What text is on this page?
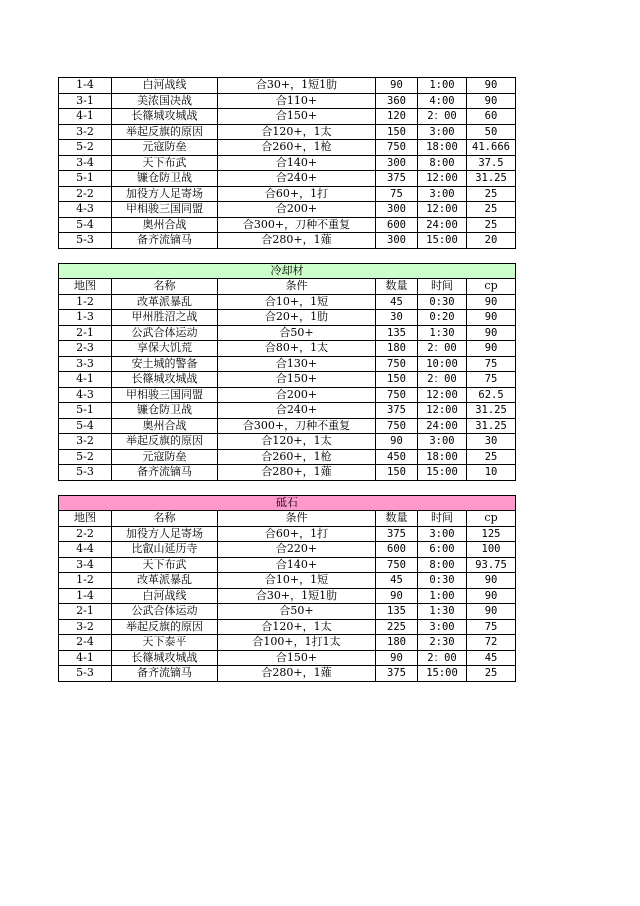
1-4	白河战线	合30+，1短1肋	90	1:00	90
3-1	美浓国决战	合110+	360	4:00	90
4-1	长篠城攻城战	合150+	120	2：00	60
3-2	举起反旗的原因	合120+，1太	150	3:00	50
5-2	元寇防垒	合260+，1枪	750	18:00	41.666
3-4	天下布武	合140+	300	8:00	37.5
5-1	镰仓防卫战	合240+	375	12:00	31.25
2-2	加役方人足寄场	合60+，1打	75	3:00	25
4-3	甲相骏三国同盟	合200+	300	12:00	25
5-4	奥州合战	合300+，刀种不重复	600	24:00	25
5-3	备齐流镝马	合280+，1薙	300	15:00	20
冷却材					
地图	名称	条件	数量	时间	cp
1-2	改革派暴乱	合10+，1短	45	0:30	90
1-3	甲州胜沼之战	合20+，1肋	30	0:20	90
2-1	公武合体运动	合50+	135	1:30	90
2-3	享保大饥荒	合80+，1太	180	2：00	90
3-3	安土城的警备	合130+	750	10:00	75
4-1	长篠城攻城战	合150+	150	2：00	75
4-3	甲相骏三国同盟	合200+	750	12:00	62.5
5-1	镰仓防卫战	合240+	375	12:00	31.25
5-4	奥州合战	合300+，刀种不重复	750	24:00	31.25
3-2	举起反旗的原因	合120+，1太	90	3:00	30
5-2	元寇防垒	合260+，1枪	450	18:00	25
5-3	备齐流镝马	合280+，1薙	150	15:00	10
砥石					
地图	名称	条件	数量	时间	cp
2-2	加役方人足寄场	合60+，1打	375	3:00	125
4-4	比叡山延历寺	合220+	600	6:00	100
3-4	天下布武	合140+	750	8:00	93.75
1-2	改革派暴乱	合10+，1短	45	0:30	90
1-4	白河战线	合30+，1短1肋	90	1:00	90
2-1	公武合体运动	合50+	135	1:30	90
3-2	举起反旗的原因	合120+，1太	225	3:00	75
2-4	天下泰平	合100+，1打1太	180	2:30	72
4-1	长篠城攻城战	合150+	90	2：00	45
5-3	备齐流镝马	合280+，1薙	375	15:00	25
